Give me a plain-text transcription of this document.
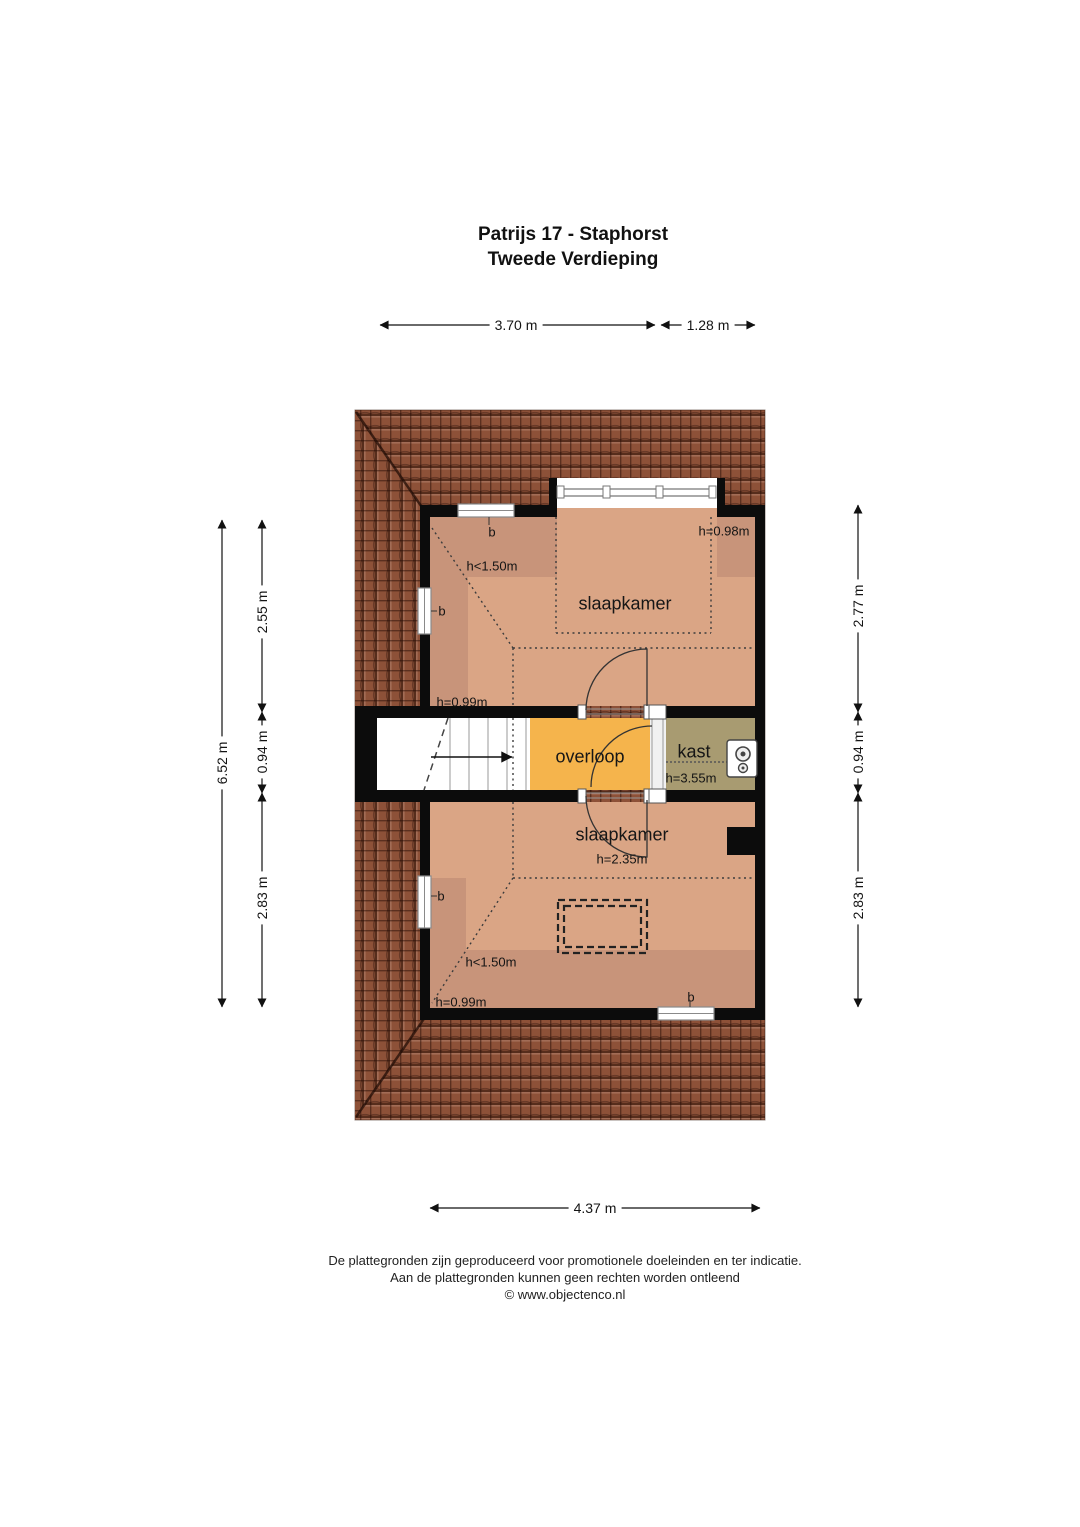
Patrijs 17 - Staphorst
Tweede Verdieping
slaapkamer
overloop	kast
slaapkamer
h=0.98m
h<1.50m
h=0.99m
h=3.55m
h=2.35m
h<1.50m
h=0.99m
b
b
b
b
3.70 m	1.28 m
4.37 m
6.52 m
2.55 m
0.94 m
2.83 m
2.77 m
0.94 m
2.83 m
De plattegronden zijn geproduceerd voor promotionele doeleinden en ter indicatie.
Aan de plattegronden kunnen geen rechten worden ontleend
© www.objectenco.nl
